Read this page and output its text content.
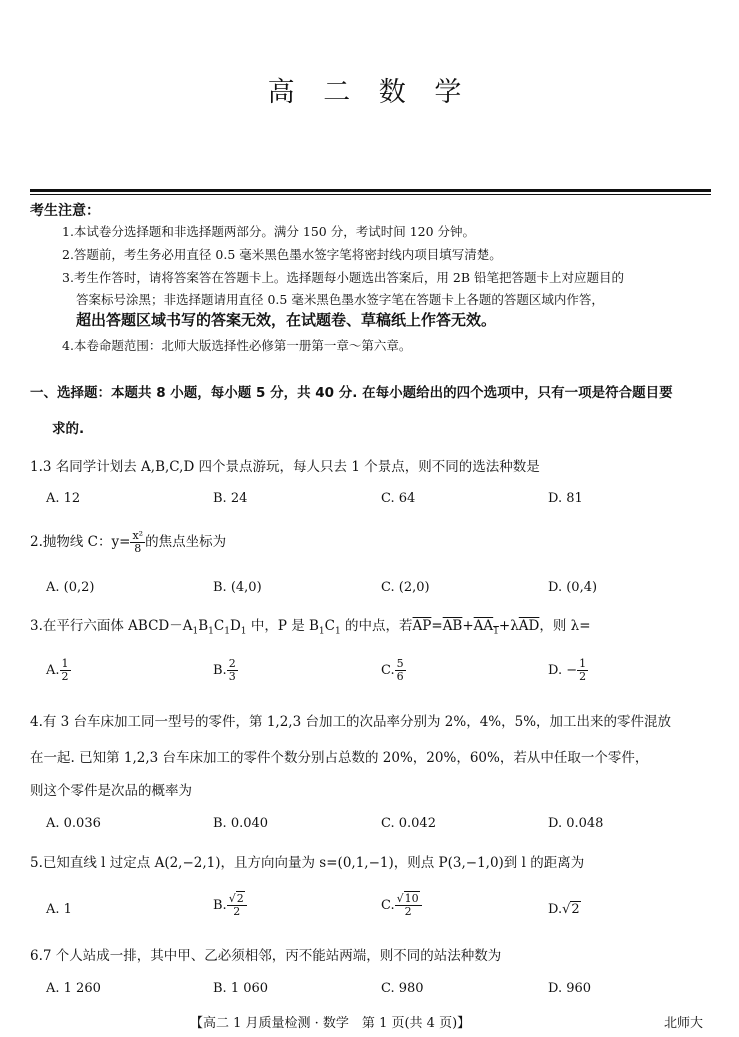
高 二 数 学
考生注意：
1.本试卷分选择题和非选择题两部分。满分 150 分，考试时间 120 分钟。
2.答题前，考生务必用直径 0.5 毫米黑色墨水签字笔将密封线内项目填写清楚。
3.考生作答时，请将答案答在答题卡上。选择题每小题选出答案后，用 2B 铅笔把答题卡上对应题目的
答案标号涂黑；非选择题请用直径 0.5 毫米黑色墨水签字笔在答题卡上各题的答题区域内作答，
超出答题区域书写的答案无效，在试题卷、草稿纸上作答无效。
4.本卷命题范围：北师大版选择性必修第一册第一章～第六章。
一、选择题：本题共 8 小题，每小题 5 分，共 40 分. 在每小题给出的四个选项中，只有一项是符合题目要
求的.
1.3 名同学计划去 A,B,C,D 四个景点游玩，每人只去 1 个景点，则不同的选法种数是
A. 12	B. 24	C. 64	D. 81
2.抛物线 C：$y= \frac{\text{x²}}{8}$ 的焦点坐标为
A. (0,2)	B. (4,0)	C. (2,0)	D. (0,4)
3.在平行六面体 $ABCD-A_1B_1C_1D_1$ 中，P 是 $B_1C_1$ 的中点，若$\overline{AP}=\overline{AB}+AA_1+\lambda\overline{AD}$，则 λ=
A. $\frac{1}{2}$	B. $\frac{2}{3}$	C. $\frac{5}{6}$	D. − $\frac{1}{2}$
4.有 3 台车床加工同一型号的零件，第 1,2,3 台加工的次品率分别为 2%，4%，5%，加工出来的零件混放
在一起. 已知第 1,2,3 台车床加工的零件个数分别占总数的 20%，20%，60%，若从中任取一个零件，
则这个零件是次品的概率为
A. 0.036	B. 0.040	C. 0.042	D. 0.048
5.已知直线 l 过定点 A(2,−2,1)，且方向向量为 s=(0,1,−1)，则点 P(3,−1,0)到 l 的距离为
A. 1	B. $\frac{√2}{2}$	C. $\frac{√10}{2}$	D.√2
6.7 个人站成一排，其中甲、乙必须相邻，丙不能站两端，则不同的站法种数为
A. 1 260	B. 1 060	C. 980	D. 960
【高二 1 月质量检测 · 数学　第 1 页(共 4 页)】	北师大
